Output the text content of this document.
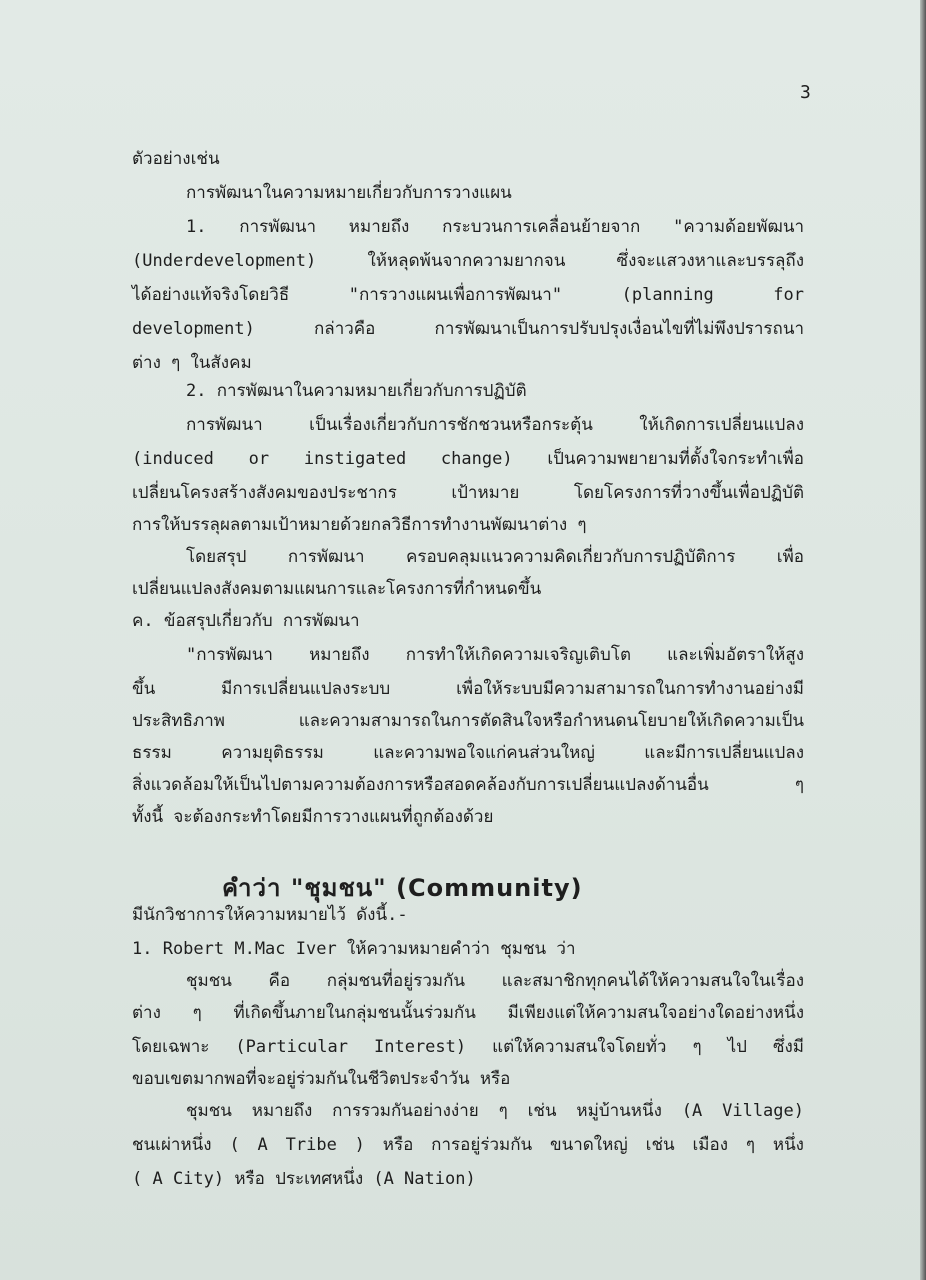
3
ตัวอย่างเช่น
การพัฒนาในความหมายเกี่ยวกับการวางแผน
1. การพัฒนา หมายถึง กระบวนการเคลื่อนย้ายจาก "ความด้อยพัฒนา
(Underdevelopment) ให้หลุดพ้นจากความยากจน ซึ่งจะแสวงหาและบรรลุถึง
ได้อย่างแท้จริงโดยวิธี "การวางแผนเพื่อการพัฒนา" (planning for
development) กล่าวคือ การพัฒนาเป็นการปรับปรุงเงื่อนไขที่ไม่พึงปรารถนา
ต่าง ๆ ในสังคม
2. การพัฒนาในความหมายเกี่ยวกับการปฏิบัติ
การพัฒนา เป็นเรื่องเกี่ยวกับการชักชวนหรือกระตุ้น ให้เกิดการเปลี่ยนแปลง
(induced or instigated change) เป็นความพยายามที่ตั้งใจกระทำเพื่อ
เปลี่ยนโครงสร้างสังคมของประชากร เป้าหมาย โดยโครงการที่วางขึ้นเพื่อปฏิบัติ
การให้บรรลุผลตามเป้าหมายด้วยกลวิธีการทำงานพัฒนาต่าง ๆ
โดยสรุป การพัฒนา ครอบคลุมแนวความคิดเกี่ยวกับการปฏิบัติการ เพื่อ
เปลี่ยนแปลงสังคมตามแผนการและโครงการที่กำหนดขึ้น
ค. ข้อสรุปเกี่ยวกับ การพัฒนา
"การพัฒนา หมายถึง การทำให้เกิดความเจริญเติบโต และเพิ่มอัตราให้สูง
ขึ้น มีการเปลี่ยนแปลงระบบ เพื่อให้ระบบมีความสามารถในการทำงานอย่างมี
ประสิทธิภาพ และความสามารถในการตัดสินใจหรือกำหนดนโยบายให้เกิดความเป็น
ธรรม ความยุติธรรม และความพอใจแก่คนส่วนใหญ่ และมีการเปลี่ยนแปลง
สิ่งแวดล้อมให้เป็นไปตามความต้องการหรือสอดคล้องกับการเปลี่ยนแปลงด้านอื่น ๆ
ทั้งนี้ จะต้องกระทำโดยมีการวางแผนที่ถูกต้องด้วย
คำว่า "ชุมชน" (Community)
มีนักวิชาการให้ความหมายไว้ ดังนี้.-
1. Robert M.Mac Iver ให้ความหมายคำว่า ชุมชน ว่า
ชุมชน คือ กลุ่มชนที่อยู่รวมกัน และสมาชิกทุกคนได้ให้ความสนใจในเรื่อง
ต่าง ๆ ที่เกิดขึ้นภายในกลุ่มชนนั้นร่วมกัน มีเพียงแต่ให้ความสนใจอย่างใดอย่างหนึ่ง
โดยเฉพาะ (Particular Interest) แต่ให้ความสนใจโดยทั่ว ๆ ไป ซึ่งมี
ขอบเขตมากพอที่จะอยู่ร่วมกันในชีวิตประจำวัน หรือ
ชุมชน หมายถึง การรวมกันอย่างง่าย ๆ เช่น หมู่บ้านหนึ่ง (A Village)
ชนเผ่าหนึ่ง ( A Tribe ) หรือ การอยู่ร่วมกัน ขนาดใหญ่ เช่น เมือง ๆ หนึ่ง
( A City) หรือ ประเทศหนึ่ง (A Nation)
